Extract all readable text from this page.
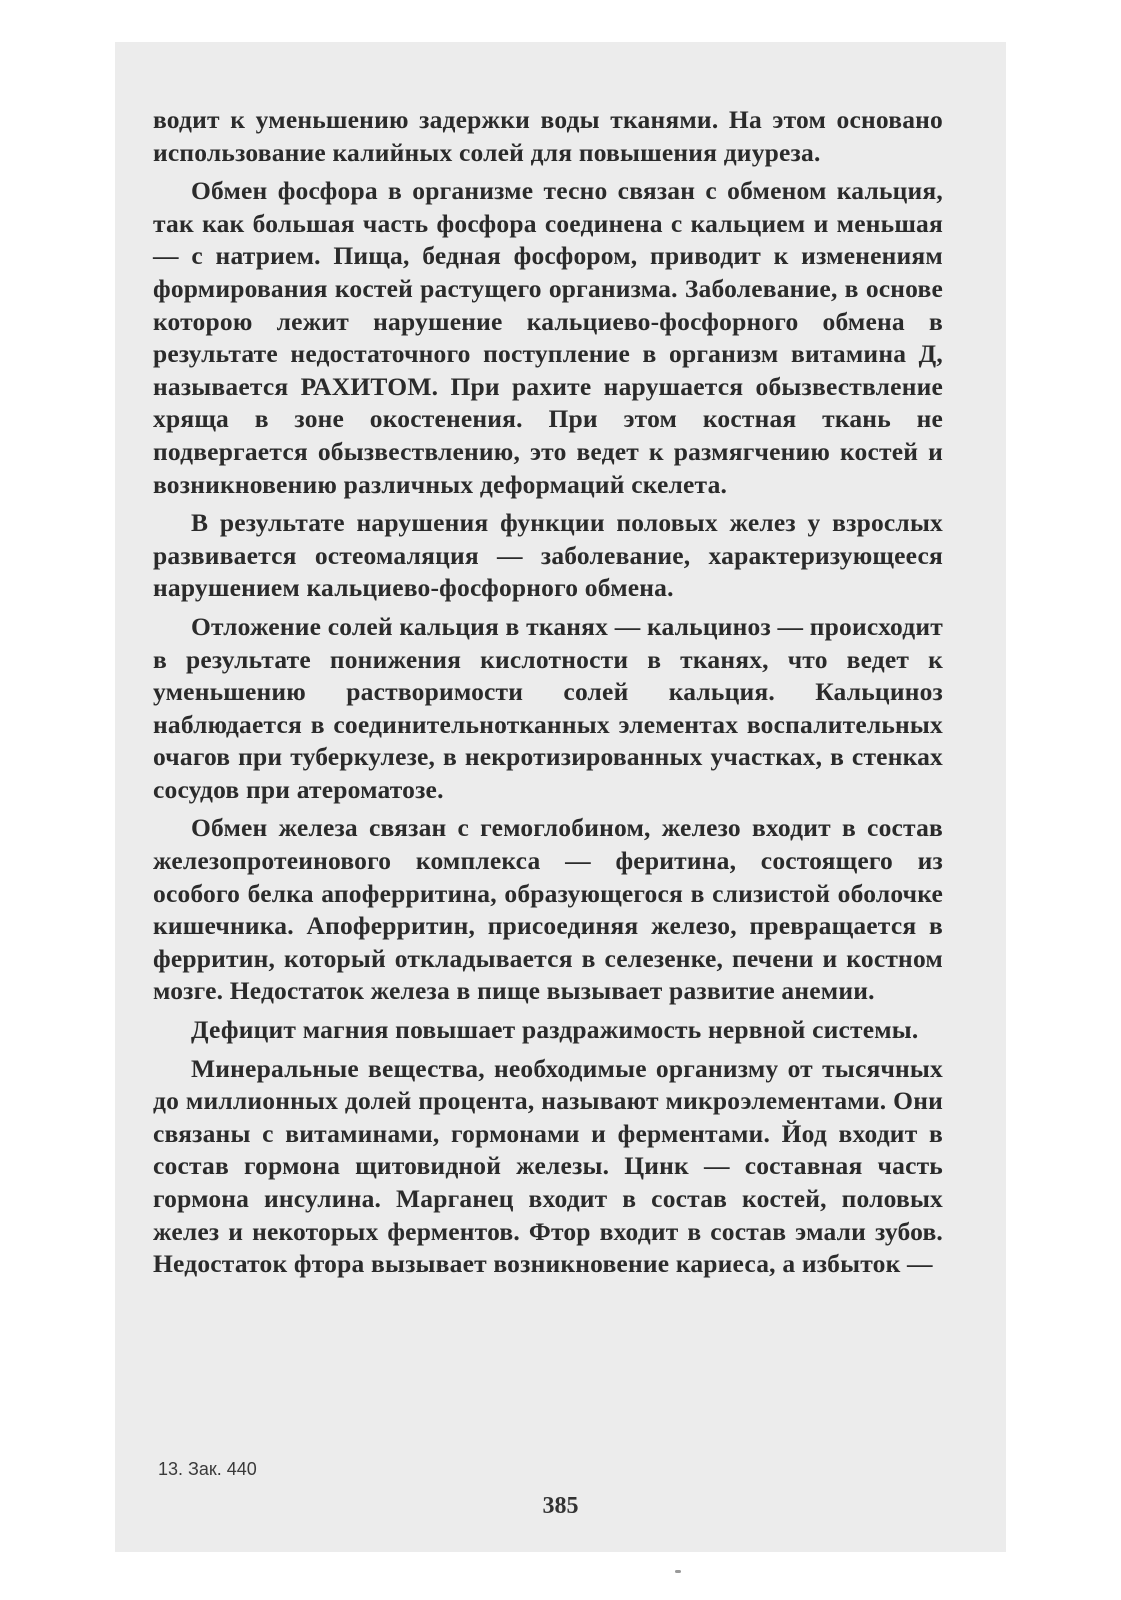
водит к уменьшению задержки воды тканями. На этом основано использование калийных солей для повышения диуреза.

Обмен фосфора в организме тесно связан с обменом кальция, так как большая часть фосфора соединена с кальцием и меньшая — с натрием. Пища, бедная фосфором, приводит к изменениям формирования костей растущего организма. Заболевание, в основе которою лежит нарушение кальциево-фосфорного обмена в результате недостаточного поступление в организм витамина Д, называется РАХИТОМ. При рахите нарушается обызвествление хряща в зоне окостенения. При этом костная ткань не подвергается обызвествлению, это ведет к размягчению костей и возникновению различных деформаций скелета.

В результате нарушения функции половых желез у взрослых развивается остеомаляция — заболевание, характеризующееся нарушением кальциево-фосфорного обмена.

Отложение солей кальция в тканях — кальциноз — происходит в результате понижения кислотности в тканях, что ведет к уменьшению растворимости солей кальция. Кальциноз наблюдается в соединительнотканных элементах воспалительных очагов при туберкулезе, в некротизированных участках, в стенках сосудов при атероматозе.

Обмен железа связан с гемоглобином, железо входит в состав железопротеинового комплекса — феритина, состоящего из особого белка апоферритина, образующегося в слизистой оболочке кишечника. Апоферритин, присоединяя железо, превращается в ферритин, который откладывается в селезенке, печени и костном мозге. Недостаток железа в пище вызывает развитие анемии.

Дефицит магния повышает раздражимость нервной системы.

Минеральные вещества, необходимые организму от тысячных до миллионных долей процента, называют микроэлементами. Они связаны с витаминами, гормонами и ферментами. Йод входит в состав гормона щитовидной железы. Цинк — составная часть гормона инсулина. Марганец входит в состав костей, половых желез и некоторых ферментов. Фтор входит в состав эмали зубов. Недостаток фтора вызывает возникновение кариеса, а избыток —

13. Зак. 440
385
